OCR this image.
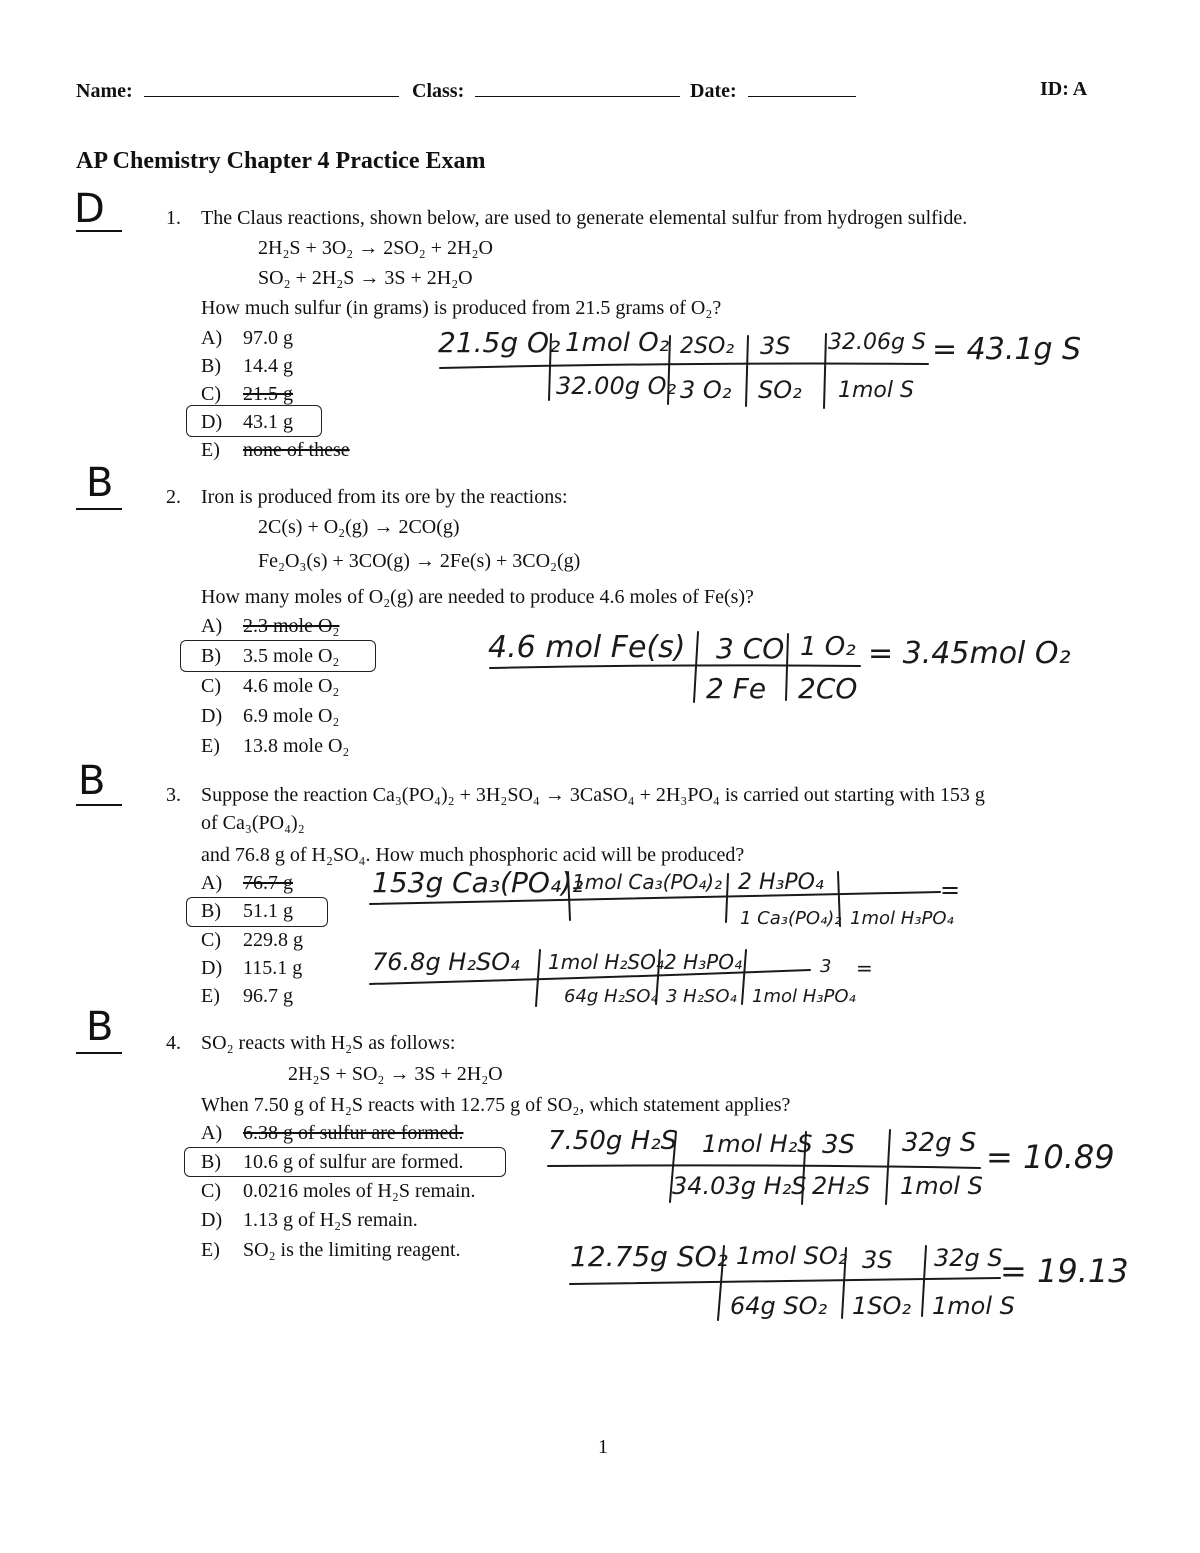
Name:	Class:	Date:	ID: A
AP Chemistry Chapter 4 Practice Exam
D	1. The Claus reactions, shown below, are used to generate elemental sulfur from hydrogen sulfide.
2H₂S + 3O₂ → 2SO₂ + 2H₂O
SO₂ + 2H₂S → 3S + 2H₂O
How much sulfur (in grams) is produced from 21.5 grams of O₂?
A) 97.0 g
B) 14.4 g
C) 21.5 g
D) 43.1 g
E) none of these
21.5g O₂ 1mol O₂ 2SO₂ 3S 32.06g S
32.00g O₂ 3 O₂ SO₂ 1mol S
= 43.1g S
B	2. Iron is produced from its ore by the reactions:
2C(s) + O₂(g) → 2CO(g)
Fe₂O₃(s) + 3CO(g) → 2Fe(s) + 3CO₂(g)
How many moles of O₂(g) are needed to produce 4.6 moles of Fe(s)?
A) 2.3 mole O₂
B) 3.5 mole O₂
C) 4.6 mole O₂
D) 6.9 mole O₂
E) 13.8 mole O₂
4.6 mol Fe(s) 3 CO 1 O₂
2 Fe 2CO
= 3.45mol O₂
B	3. Suppose the reaction Ca₃(PO₄)₂ + 3H₂SO₄ → 3CaSO₄ + 2H₃PO₄ is carried out starting with 153 g
of Ca₃(PO₄)₂
and 76.8 g of H₂SO₄. How much phosphoric acid will be produced?
A) 76.7 g
B) 51.1 g
C) 229.8 g
D) 115.1 g
E) 96.7 g
153g Ca₃(PO₄)₂
1mol Ca₃(PO₄)₂ 2 H₃PO₄
1 Ca₃(PO₄)₂ 1mol H₃PO₄
=
76.8g H₂SO₄ 1mol H₂SO₄ 2 H₃PO₄
64g H₂SO₄ 3 H₂SO₄ 1mol H₃PO₄
3 =
B	4. SO₂ reacts with H₂S as follows:
2H₂S + SO₂ → 3S + 2H₂O
When 7.50 g of H₂S reacts with 12.75 g of SO₂, which statement applies?
A) 6.38 g of sulfur are formed.
B) 10.6 g of sulfur are formed.
C) 0.0216 moles of H₂S remain.
D) 1.13 g of H₂S remain.
E) SO₂ is the limiting reagent.
7.50g H₂S 1mol H₂S 3S 32g S
34.03g H₂S 2H₂S 1mol S
= 10.89
12.75g SO₂ 1mol SO₂ 3S 32g S
64g SO₂ 1SO₂ 1mol S
= 19.13
1
